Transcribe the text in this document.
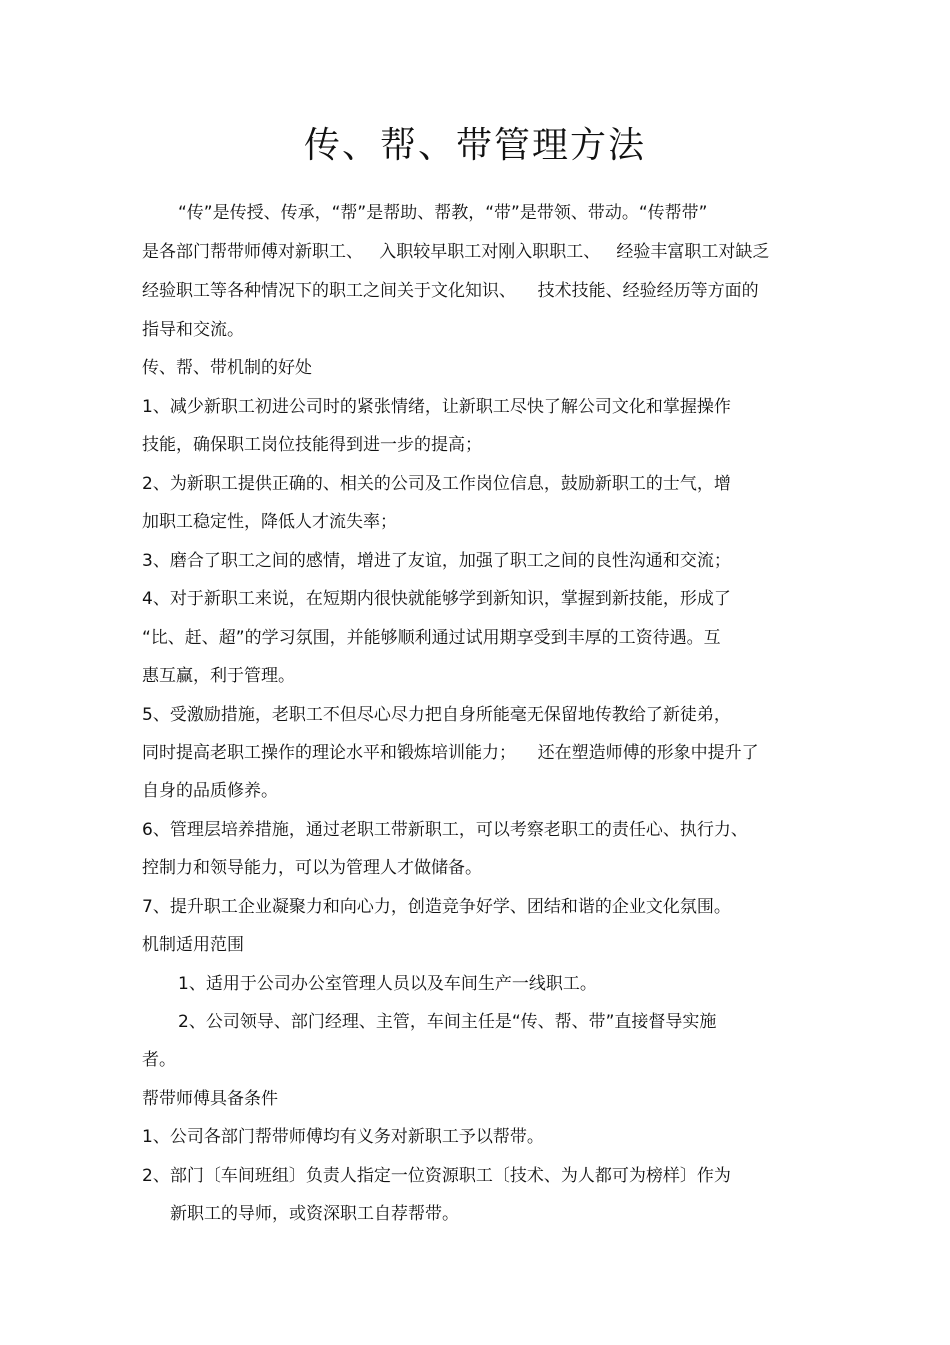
传、帮、带管理方法
“传”是传授、传承，“帮”是帮助、帮教，“带”是带领、带动。“传帮带”
是各部门帮带师傅对新职工、   入职较早职工对刚入职职工、   经验丰富职工对缺乏
经验职工等各种情况下的职工之间关于文化知识、    技术技能、经验经历等方面的
指导和交流。
传、帮、带机制的好处
1、减少新职工初进公司时的紧张情绪，让新职工尽快了解公司文化和掌握操作
技能，确保职工岗位技能得到进一步的提高；
2、为新职工提供正确的、相关的公司及工作岗位信息，鼓励新职工的士气，增
加职工稳定性，降低人才流失率；
3、磨合了职工之间的感情，增进了友谊，加强了职工之间的良性沟通和交流；
4、对于新职工来说，在短期内很快就能够学到新知识，掌握到新技能，形成了
“比、赶、超”的学习氛围，并能够顺利通过试用期享受到丰厚的工资待遇。互
惠互赢，利于管理。
5、受激励措施，老职工不但尽心尽力把自身所能毫无保留地传教给了新徒弟，
同时提高老职工操作的理论水平和锻炼培训能力；    还在塑造师傅的形象中提升了
自身的品质修养。
6、管理层培养措施，通过老职工带新职工，可以考察老职工的责任心、执行力、
控制力和领导能力，可以为管理人才做储备。
7、提升职工企业凝聚力和向心力，创造竞争好学、团结和谐的企业文化氛围。
机制适用范围
1、适用于公司办公室管理人员以及车间生产一线职工。
2、公司领导、部门经理、主管，车间主任是“传、帮、带”直接督导实施
者。
帮带师傅具备条件
1、公司各部门帮带师傅均有义务对新职工予以帮带。
2、部门〔车间班组〕负责人指定一位资源职工〔技术、为人都可为榜样〕作为
新职工的导师，或资深职工自荐帮带。
